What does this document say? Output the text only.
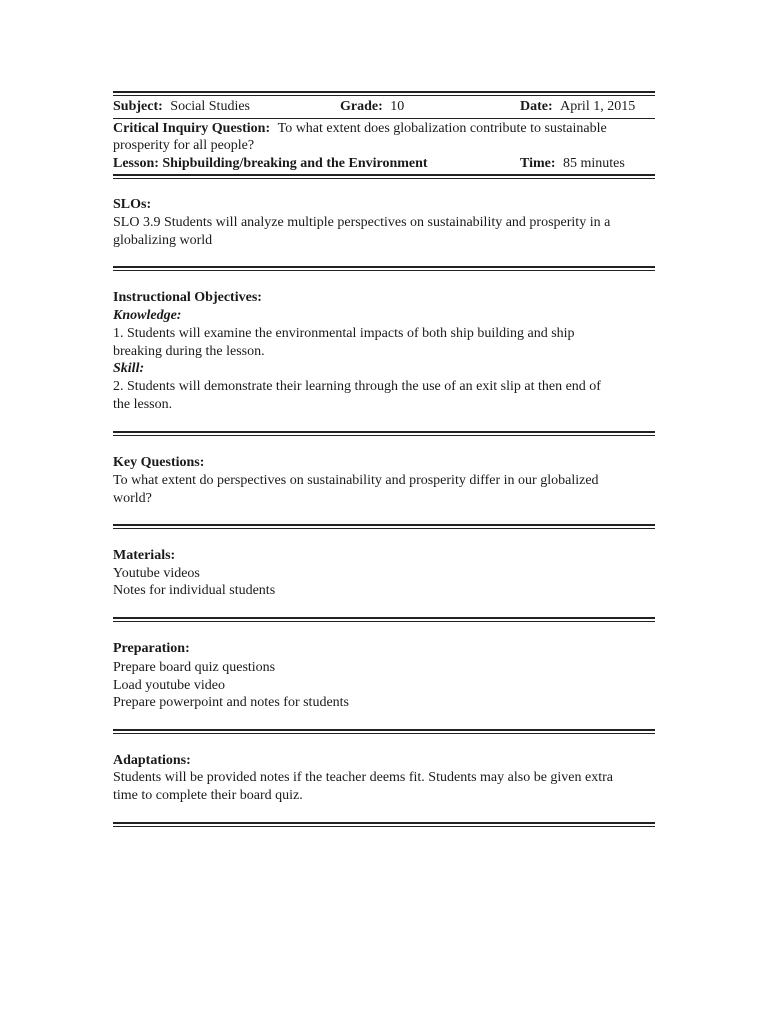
Subject: Social Studies	Grade: 10	Date: April 1, 2015
Critical Inquiry Question: To what extent does globalization contribute to sustainable
prosperity for all people?
Lesson: Shipbuilding/breaking and the Environment	Time: 85 minutes
SLOs:
SLO 3.9 Students will analyze multiple perspectives on sustainability and prosperity in a
globalizing world
Instructional Objectives:
Knowledge:
1. Students will examine the environmental impacts of both ship building and ship
breaking during the lesson.
Skill:
2. Students will demonstrate their learning through the use of an exit slip at then end of
the lesson.
Key Questions:
To what extent do perspectives on sustainability and prosperity differ in our globalized
world?
Materials:
Youtube videos
Notes for individual students
Preparation:
Prepare board quiz questions
Load youtube video
Prepare powerpoint and notes for students
Adaptations:
Students will be provided notes if the teacher deems fit. Students may also be given extra
time to complete their board quiz.
